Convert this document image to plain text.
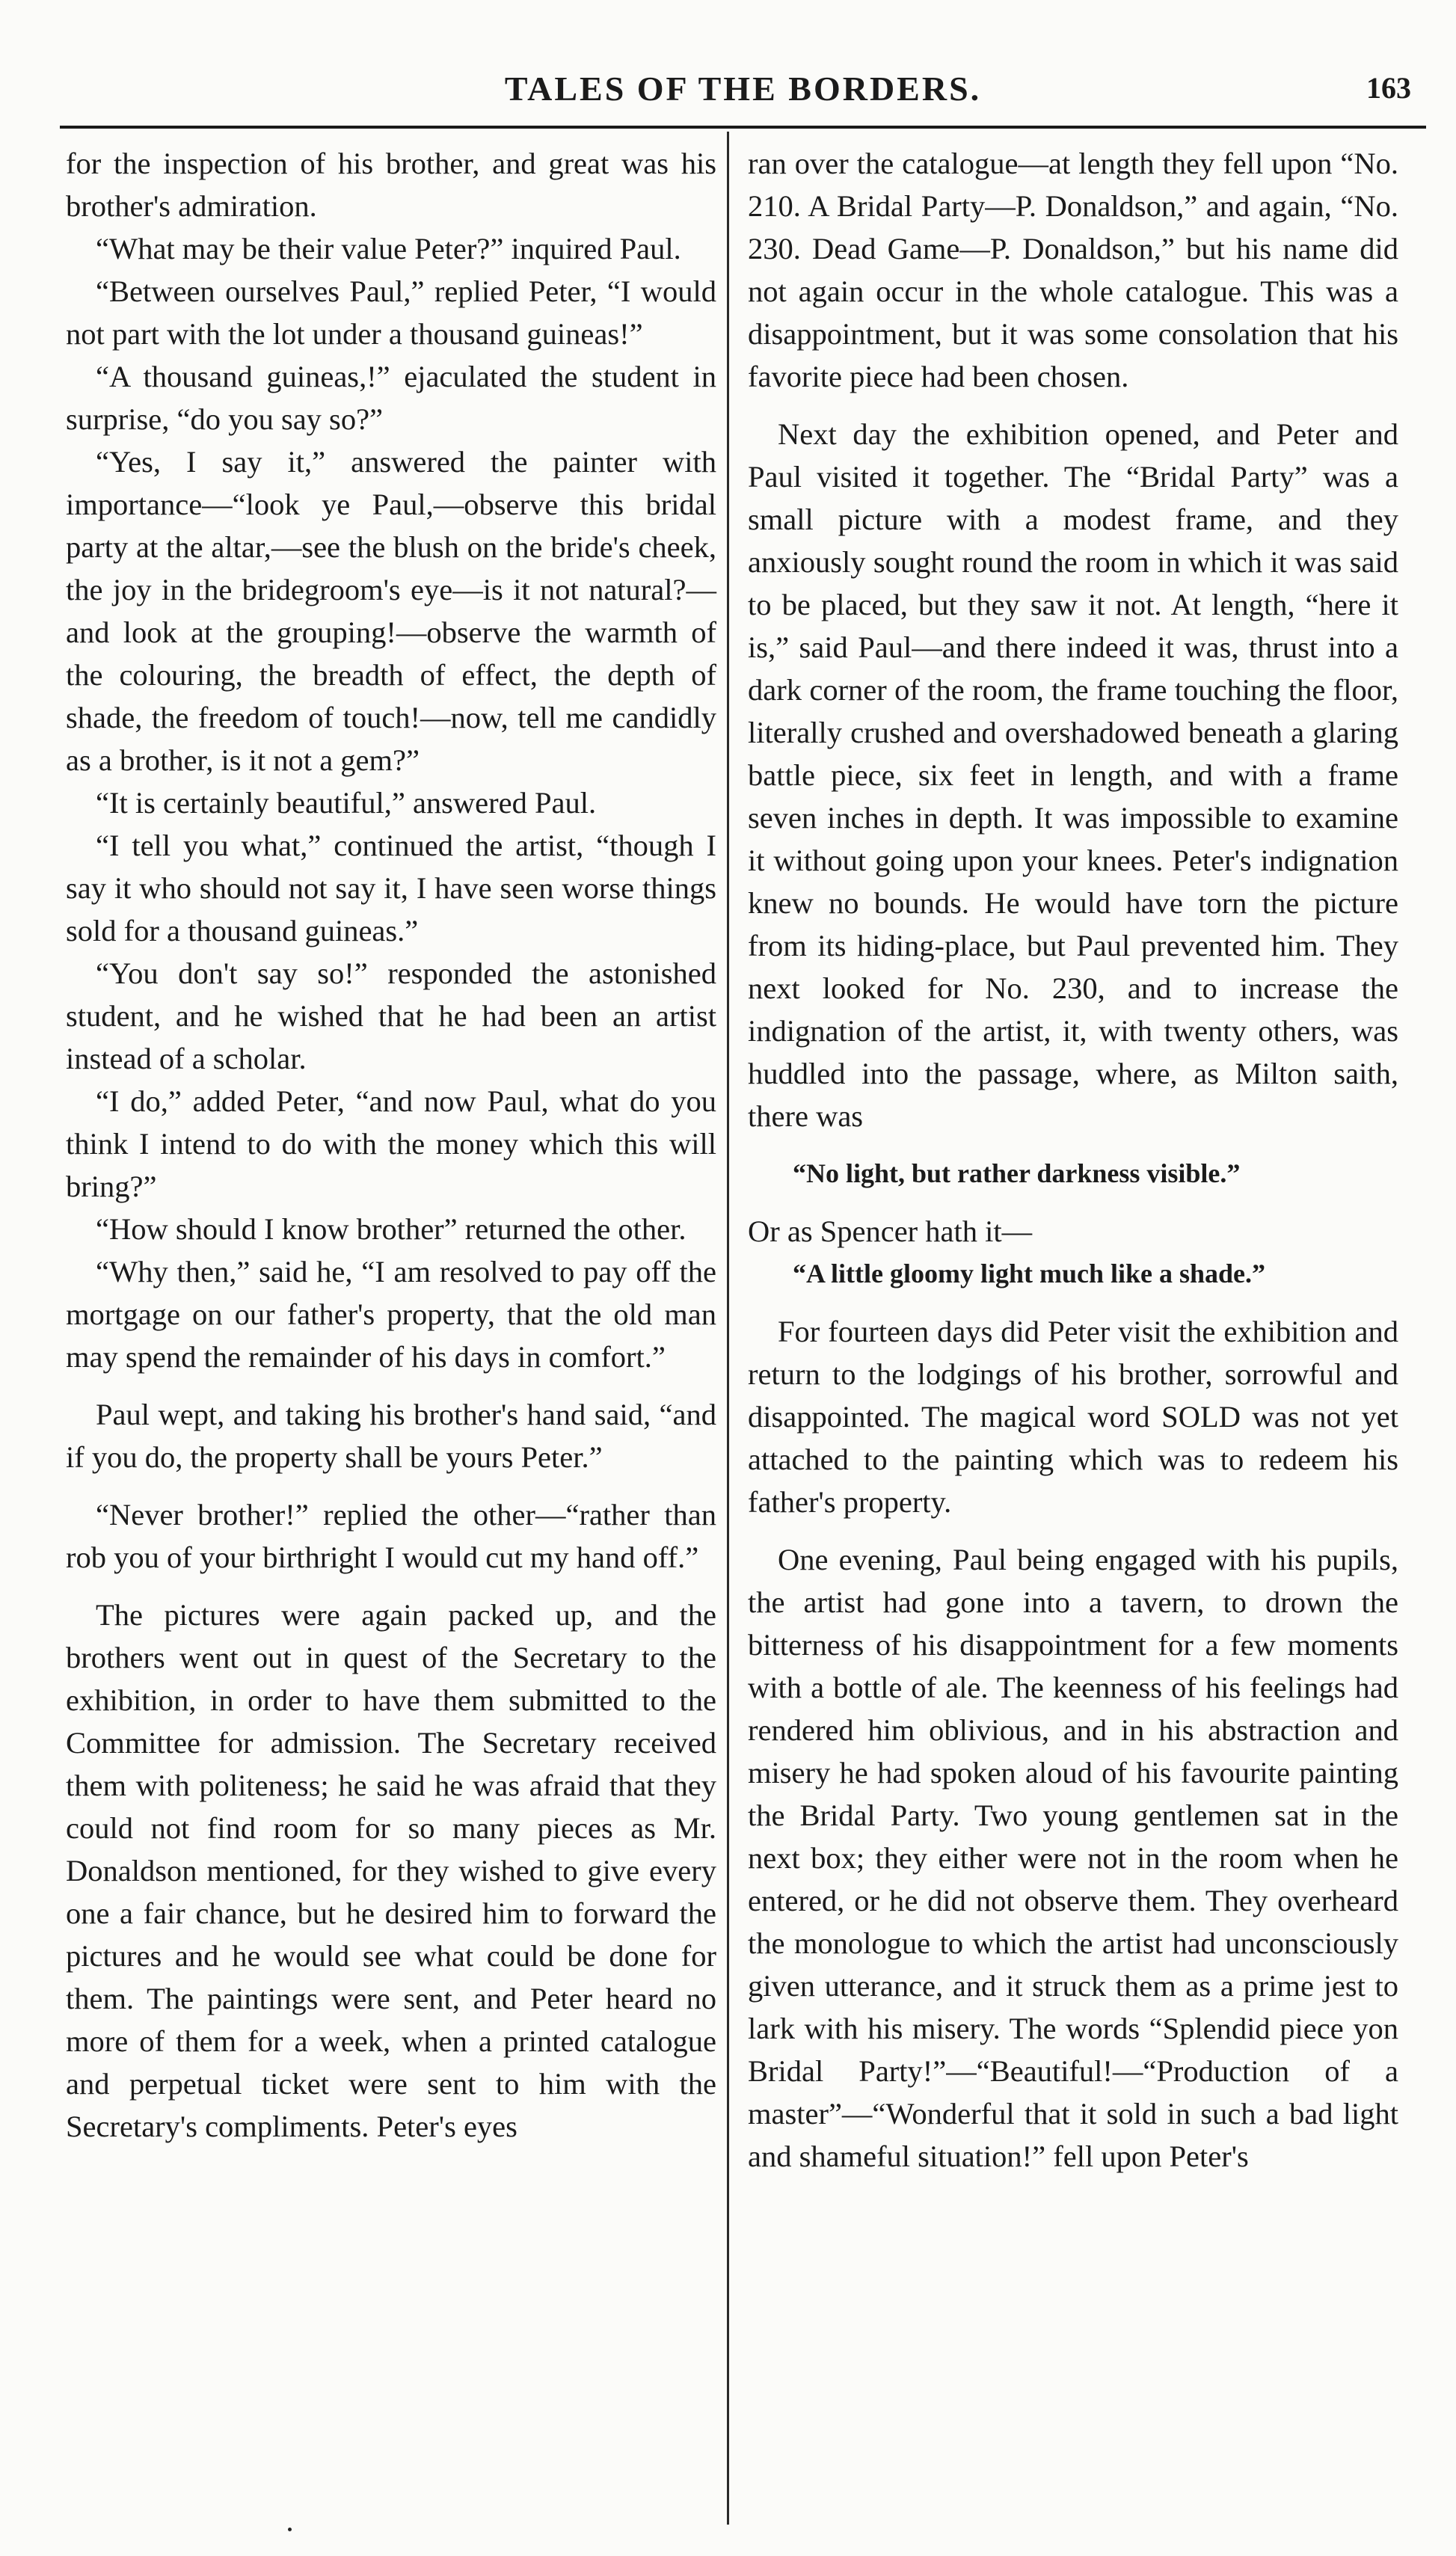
TALES OF THE BORDERS.	163

for the inspection of his brother, and great was his brother's admiration.

“What may be their value Peter?” inquired Paul.

“Between ourselves Paul,” replied Peter, “I would not part with the lot under a thousand guineas!”

“A thousand guineas,!” ejaculated the student in surprise, “do you say so?”

“Yes, I say it,” answered the painter with importance—“look ye Paul,—observe this bridal party at the altar,—see the blush on the bride's cheek, the joy in the bridegroom's eye—is it not natural?—and look at the grouping!—observe the warmth of the colouring, the breadth of effect, the depth of shade, the freedom of touch!—now, tell me candidly as a brother, is it not a gem?”

“It is certainly beautiful,” answered Paul.

“I tell you what,” continued the artist, “though I say it who should not say it, I have seen worse things sold for a thousand guineas.”

“You don't say so!” responded the astonished student, and he wished that he had been an artist instead of a scholar.

“I do,” added Peter, “and now Paul, what do you think I intend to do with the money which this will bring?”

“How should I know brother” returned the other.

“Why then,” said he, “I am resolved to pay off the mortgage on our father's property, that the old man may spend the remainder of his days in comfort.”

Paul wept, and taking his brother's hand said, “and if you do, the property shall be yours Peter.”

“Never brother!” replied the other—“rather than rob you of your birthright I would cut my hand off.”

The pictures were again packed up, and the brothers went out in quest of the Secretary to the exhibition, in order to have them submitted to the Committee for admission. The Secretary received them with politeness; he said he was afraid that they could not find room for so many pieces as Mr. Donaldson mentioned, for they wished to give every one a fair chance, but he desired him to forward the pictures and he would see what could be done for them. The paintings were sent, and Peter heard no more of them for a week, when a printed catalogue and perpetual ticket were sent to him with the Secretary's compliments. Peter's eyes

ran over the catalogue—at length they fell upon “No. 210. A Bridal Party—P. Donaldson,” and again, “No. 230. Dead Game—P. Donaldson,” but his name did not again occur in the whole catalogue. This was a disappointment, but it was some consolation that his favorite piece had been chosen.

Next day the exhibition opened, and Peter and Paul visited it together. The “Bridal Party” was a small picture with a modest frame, and they anxiously sought round the room in which it was said to be placed, but they saw it not. At length, “here it is,” said Paul—and there indeed it was, thrust into a dark corner of the room, the frame touching the floor, literally crushed and overshadowed beneath a glaring battle piece, six feet in length, and with a frame seven inches in depth. It was impossible to examine it without going upon your knees. Peter's indignation knew no bounds. He would have torn the picture from its hiding-place, but Paul prevented him. They next looked for No. 230, and to increase the indignation of the artist, it, with twenty others, was huddled into the passage, where, as Milton saith, there was

“No light, but rather darkness visible.”

Or as Spencer hath it—

“A little gloomy light much like a shade.”

For fourteen days did Peter visit the exhibition and return to the lodgings of his brother, sorrowful and disappointed. The magical word SOLD was not yet attached to the painting which was to redeem his father's property.

One evening, Paul being engaged with his pupils, the artist had gone into a tavern, to drown the bitterness of his disappointment for a few moments with a bottle of ale. The keenness of his feelings had rendered him oblivious, and in his abstraction and misery he had spoken aloud of his favourite painting the Bridal Party. Two young gentlemen sat in the next box; they either were not in the room when he entered, or he did not observe them. They overheard the monologue to which the artist had unconsciously given utterance, and it struck them as a prime jest to lark with his misery. The words “Splendid piece yon Bridal Party!”—“Beautiful!—“Production of a master”—“Wonderful that it sold in such a bad light and shameful situation!” fell upon Peter's
